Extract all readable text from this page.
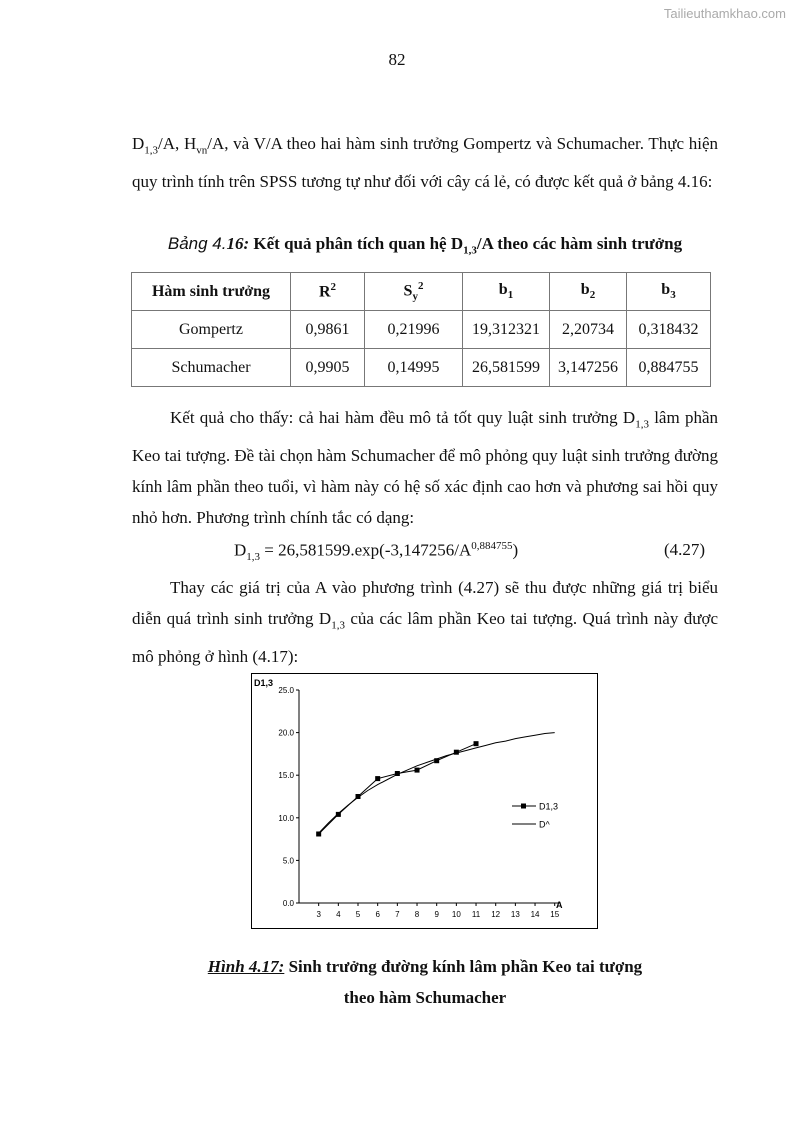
Tailieuthamkhao.com
82
$D_{1,3}/A$, $H_{vn}/A$, và V/A theo hai hàm sinh trưởng Gompertz và Schumacher. Thực hiện quy trình tính trên SPSS tương tự như đối với cây cá lẻ, có được kết quả ở bảng 4.16:
Bảng 4.16: Kết quả phân tích quan hệ $D_{1,3}/A$ theo các hàm sinh trưởng
Hàm sinh trưởng	$R^2$	$S_y^2$	$b_1$	$b_2$	$b_3$
Gompertz	0,9861	0,21996	19,312321	2,20734	0,318432
Schumacher	0,9905	0,14995	26,581599	3,147256	0,884755
Kết quả cho thấy: cả hai hàm đều mô tả tốt quy luật sinh trưởng $D_{1,3}$ lâm phần Keo tai tượng. Đề tài chọn hàm Schumacher để mô phỏng quy luật sinh trưởng đường kính lâm phần theo tuổi, vì hàm này có hệ số xác định cao hơn và phương sai hồi quy nhỏ hơn. Phương trình chính tắc có dạng:
$D_{1,3} = 26,581599.\exp(-3,147256/A^{0,884755})$	(4.27)
Thay các giá trị của A vào phương trình (4.27) sẽ thu được những giá trị biểu diễn quá trình sinh trưởng $D_{1,3}$ của các lâm phần Keo tai tượng. Quá trình này được mô phỏng ở hình (4.17):
D1,3
A
25.0
20.0
15.0
10.0
5.0
0.0
3 4 5 6 7 8 9 10 11 12 13 14 15
D1,3
D^
Hình 4.17: Sinh trưởng đường kính lâm phần Keo tai tượng
theo hàm Schumacher
